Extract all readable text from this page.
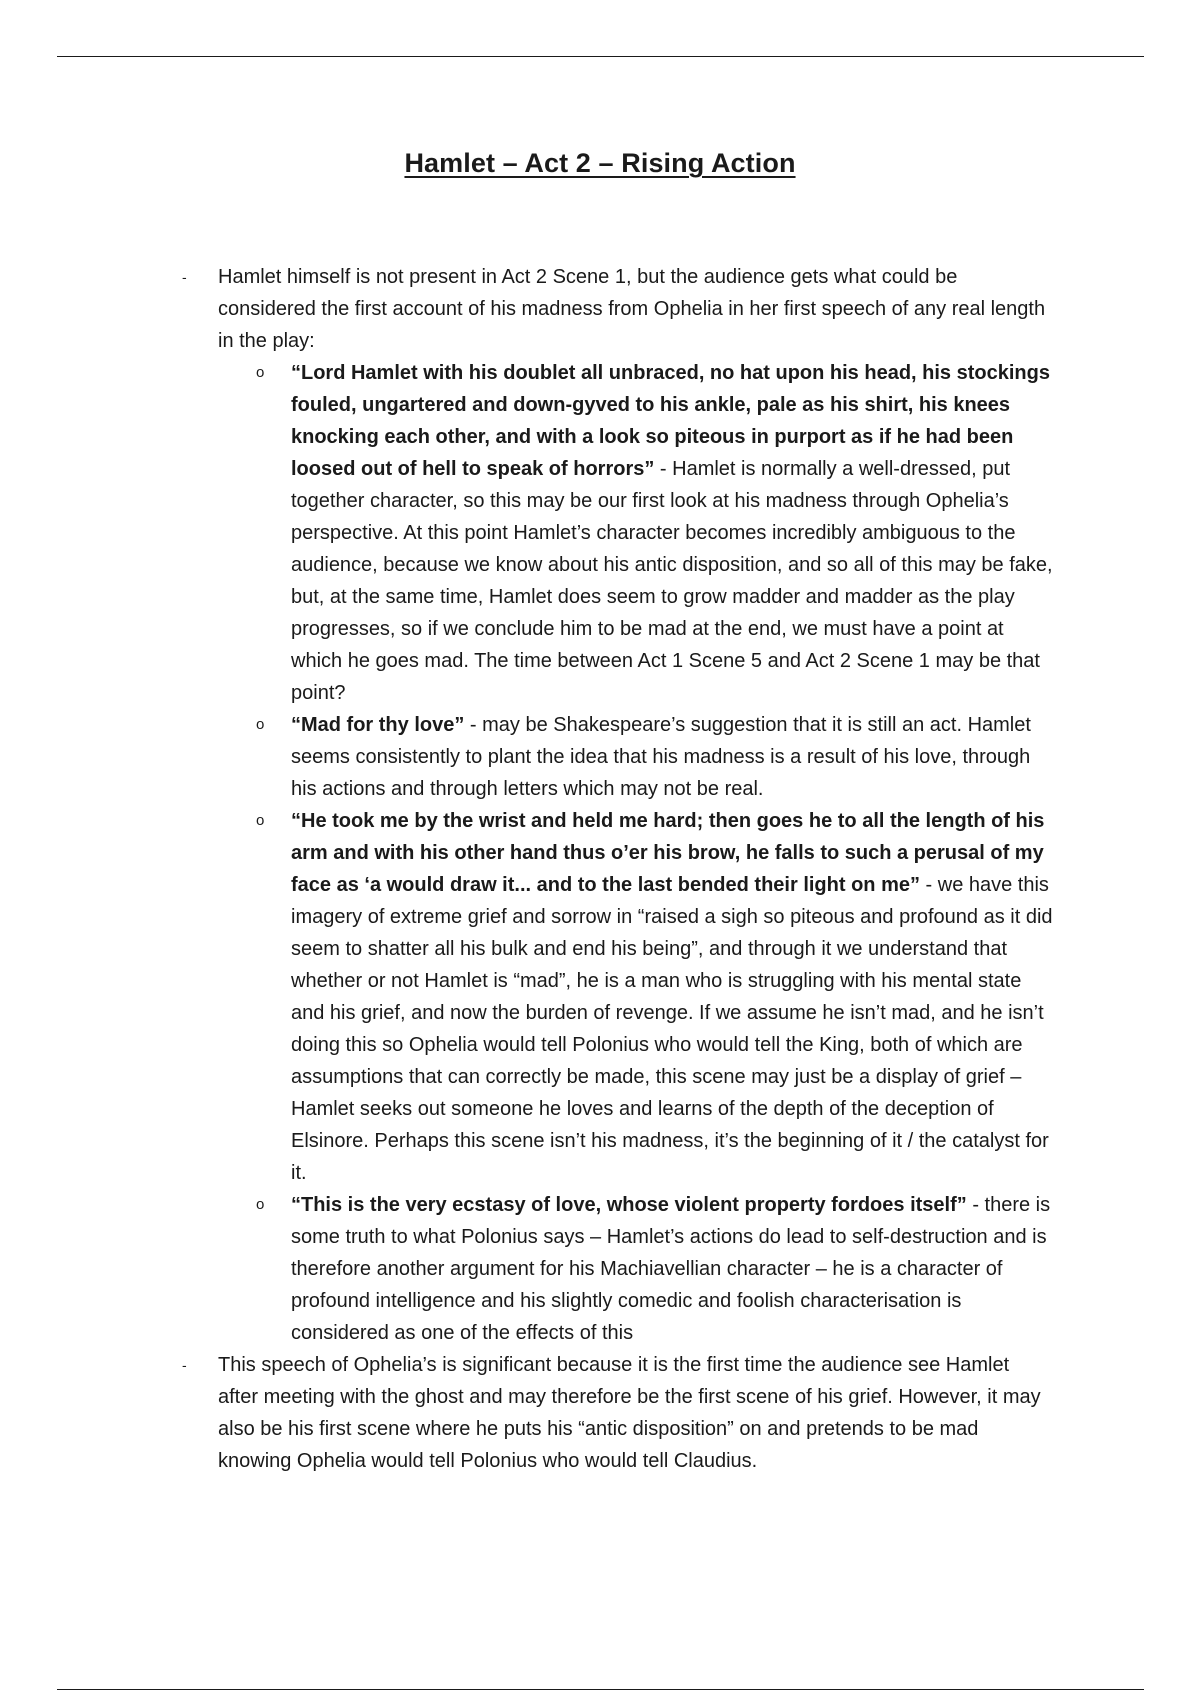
Hamlet – Act 2 – Rising Action
- Hamlet himself is not present in Act 2 Scene 1, but the audience gets what could be considered the first account of his madness from Ophelia in her first speech of any real length in the play:
o “Lord Hamlet with his doublet all unbraced, no hat upon his head, his stockings fouled, ungartered and down-gyved to his ankle, pale as his shirt, his knees knocking each other, and with a look so piteous in purport as if he had been loosed out of hell to speak of horrors” - Hamlet is normally a well-dressed, put together character, so this may be our first look at his madness through Ophelia’s perspective. At this point Hamlet’s character becomes incredibly ambiguous to the audience, because we know about his antic disposition, and so all of this may be fake, but, at the same time, Hamlet does seem to grow madder and madder as the play progresses, so if we conclude him to be mad at the end, we must have a point at which he goes mad. The time between Act 1 Scene 5 and Act 2 Scene 1 may be that point?
o “Mad for thy love” - may be Shakespeare’s suggestion that it is still an act. Hamlet seems consistently to plant the idea that his madness is a result of his love, through his actions and through letters which may not be real.
o “He took me by the wrist and held me hard; then goes he to all the length of his arm and with his other hand thus o’er his brow, he falls to such a perusal of my face as ‘a would draw it... and to the last bended their light on me” - we have this imagery of extreme grief and sorrow in “raised a sigh so piteous and profound as it did seem to shatter all his bulk and end his being”, and through it we understand that whether or not Hamlet is “mad”, he is a man who is struggling with his mental state and his grief, and now the burden of revenge. If we assume he isn’t mad, and he isn’t doing this so Ophelia would tell Polonius who would tell the King, both of which are assumptions that can correctly be made, this scene may just be a display of grief – Hamlet seeks out someone he loves and learns of the depth of the deception of Elsinore. Perhaps this scene isn’t his madness, it’s the beginning of it / the catalyst for it.
o “This is the very ecstasy of love, whose violent property fordoes itself” - there is some truth to what Polonius says – Hamlet’s actions do lead to self-destruction and is therefore another argument for his Machiavellian character – he is a character of profound intelligence and his slightly comedic and foolish characterisation is considered as one of the effects of this
- This speech of Ophelia’s is significant because it is the first time the audience see Hamlet after meeting with the ghost and may therefore be the first scene of his grief. However, it may also be his first scene where he puts his “antic disposition” on and pretends to be mad knowing Ophelia would tell Polonius who would tell Claudius.
